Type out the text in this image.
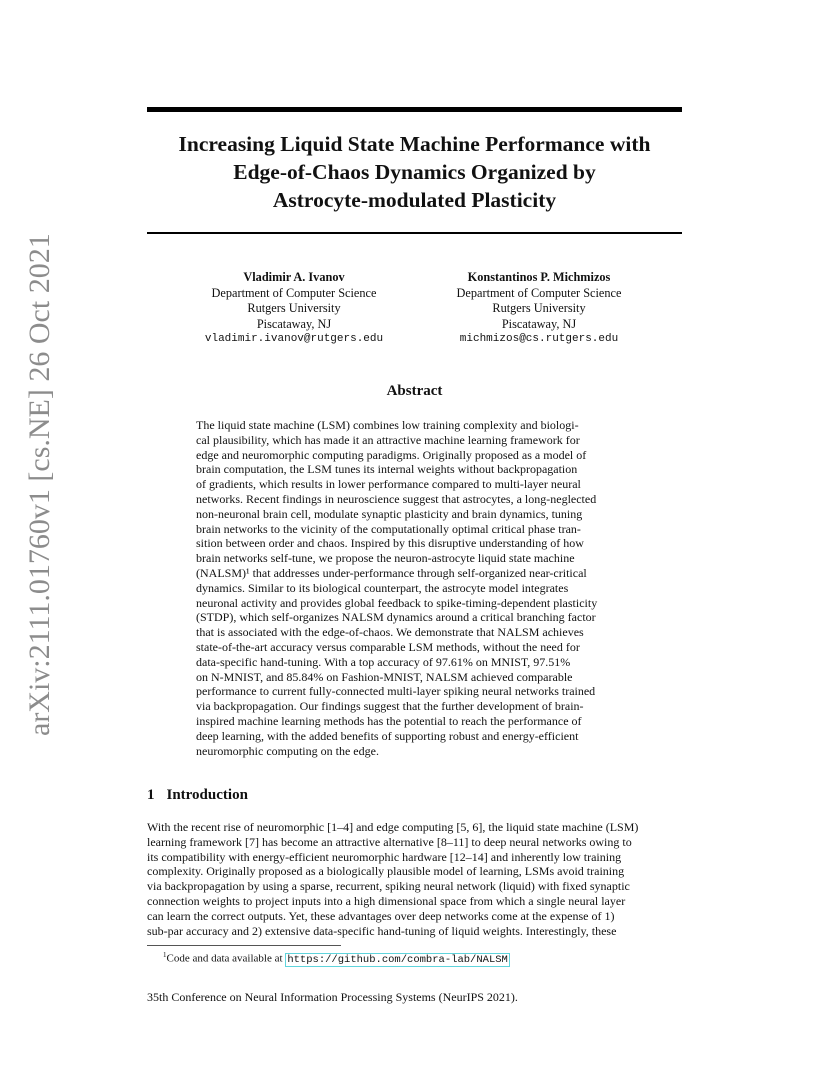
arXiv:2111.01760v1 [cs.NE] 26 Oct 2021
Increasing Liquid State Machine Performance with
Edge-of-Chaos Dynamics Organized by
Astrocyte-modulated Plasticity
Vladimir A. Ivanov
Department of Computer Science
Rutgers University
Piscataway, NJ
vladimir.ivanov@rutgers.edu
Konstantinos P. Michmizos
Department of Computer Science
Rutgers University
Piscataway, NJ
michmizos@cs.rutgers.edu
Abstract
The liquid state machine (LSM) combines low training complexity and biologi-
cal plausibility, which has made it an attractive machine learning framework for
edge and neuromorphic computing paradigms. Originally proposed as a model of
brain computation, the LSM tunes its internal weights without backpropagation
of gradients, which results in lower performance compared to multi-layer neural
networks. Recent findings in neuroscience suggest that astrocytes, a long-neglected
non-neuronal brain cell, modulate synaptic plasticity and brain dynamics, tuning
brain networks to the vicinity of the computationally optimal critical phase tran-
sition between order and chaos. Inspired by this disruptive understanding of how
brain networks self-tune, we propose the neuron-astrocyte liquid state machine
(NALSM)¹ that addresses under-performance through self-organized near-critical
dynamics. Similar to its biological counterpart, the astrocyte model integrates
neuronal activity and provides global feedback to spike-timing-dependent plasticity
(STDP), which self-organizes NALSM dynamics around a critical branching factor
that is associated with the edge-of-chaos. We demonstrate that NALSM achieves
state-of-the-art accuracy versus comparable LSM methods, without the need for
data-specific hand-tuning. With a top accuracy of 97.61% on MNIST, 97.51%
on N-MNIST, and 85.84% on Fashion-MNIST, NALSM achieved comparable
performance to current fully-connected multi-layer spiking neural networks trained
via backpropagation. Our findings suggest that the further development of brain-
inspired machine learning methods has the potential to reach the performance of
deep learning, with the added benefits of supporting robust and energy-efficient
neuromorphic computing on the edge.
1 Introduction
With the recent rise of neuromorphic [1–4] and edge computing [5, 6], the liquid state machine (LSM)
learning framework [7] has become an attractive alternative [8–11] to deep neural networks owing to
its compatibility with energy-efficient neuromorphic hardware [12–14] and inherently low training
complexity. Originally proposed as a biologically plausible model of learning, LSMs avoid training
via backpropagation by using a sparse, recurrent, spiking neural network (liquid) with fixed synaptic
connection weights to project inputs into a high dimensional space from which a single neural layer
can learn the correct outputs. Yet, these advantages over deep networks come at the expense of 1)
sub-par accuracy and 2) extensive data-specific hand-tuning of liquid weights. Interestingly, these
$^1$Code and data available at https://github.com/combra-lab/NALSM
35th Conference on Neural Information Processing Systems (NeurIPS 2021).
